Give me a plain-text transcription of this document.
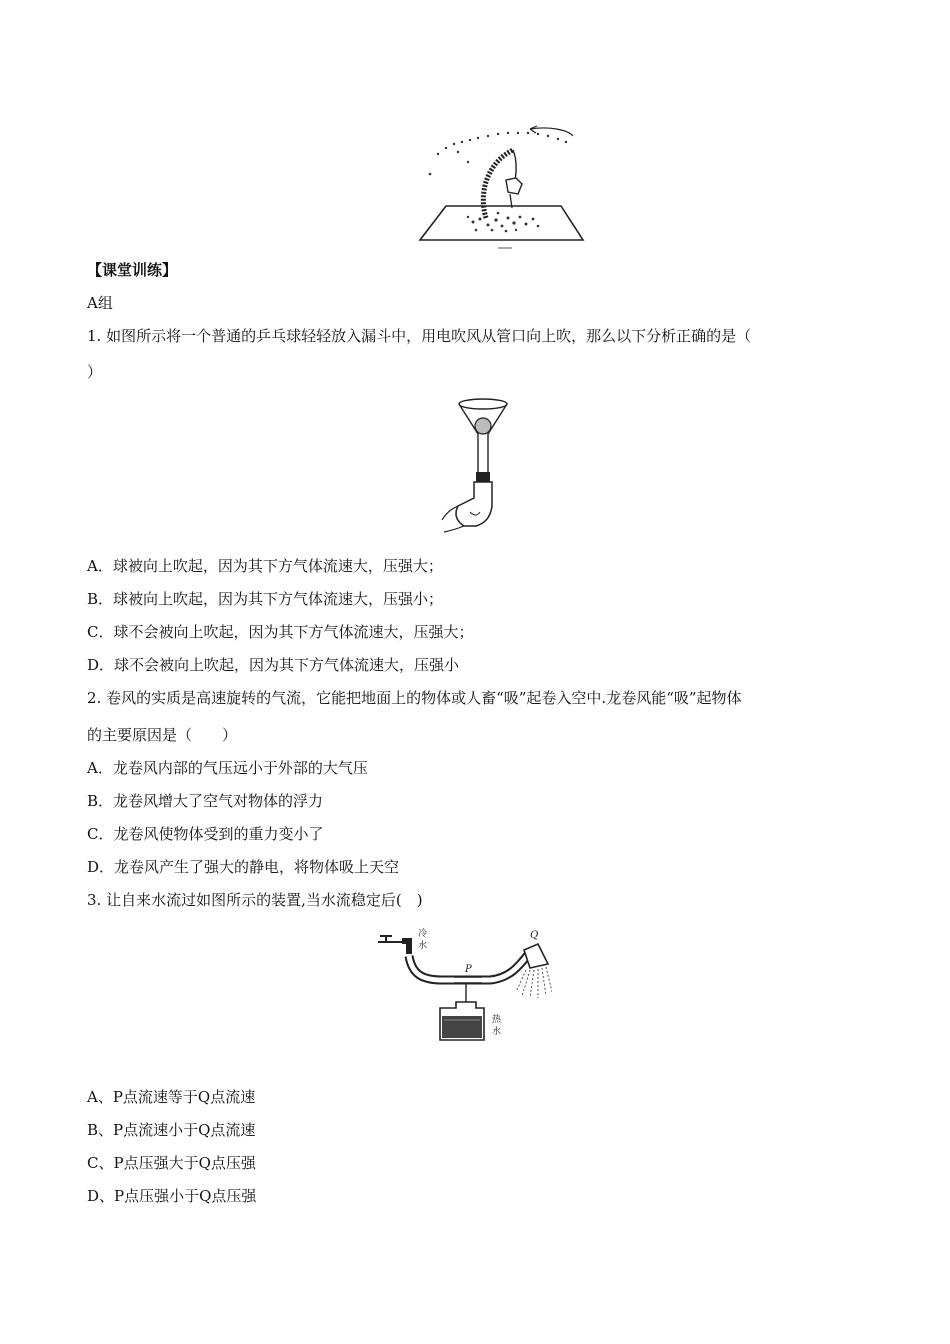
【课堂训练】
A组
1. 如图所示将一个普通的乒乓球轻轻放入漏斗中，用电吹风从管口向上吹，那么以下分析正确的是（
）
A．球被向上吹起，因为其下方气体流速大，压强大；
B．球被向上吹起，因为其下方气体流速大，压强小；
C．球不会被向上吹起，因为其下方气体流速大，压强大；
D．球不会被向上吹起，因为其下方气体流速大，压强小
2. 卷风的实质是高速旋转的气流，它能把地面上的物体或人畜“吸”起卷入空中.龙卷风能“吸”起物体
的主要原因是（　　）
A．龙卷风内部的气压远小于外部的大气压
B．龙卷风增大了空气对物体的浮力
C．龙卷风使物体受到的重力变小了
D．龙卷风产生了强大的静电，将物体吸上天空
3. 让自来水流过如图所示的装置,当水流稳定后(　)
冷
水
P
热
水
Q
A、P点流速等于Q点流速
B、P点流速小于Q点流速
C、P点压强大于Q点压强
D、P点压强小于Q点压强
